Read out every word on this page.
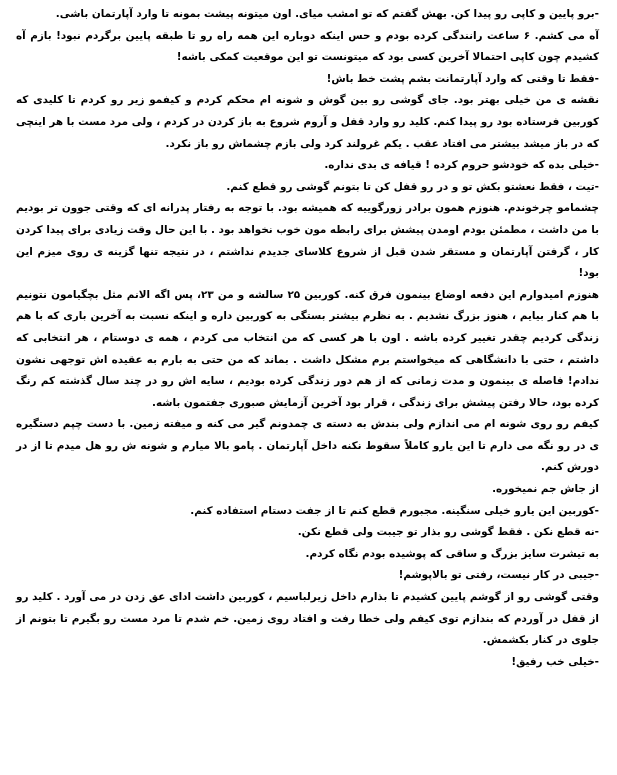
-برو پایین و کاپی رو پیدا کن. بهش گفتم که تو امشب میای. اون میتونه پیشت بمونه تا وارد آپارتمان باشی.

آه می کشم. ۶ ساعت رانندگی کرده بودم و حس اینکه دوباره این همه راه رو تا طبقه پایین برگردم نبود! بازم آه کشیدم چون کاپی احتمالا آخرین کسی بود که میتونست تو این موقعیت کمکی باشه!

-فقط تا وقتی که وارد آپارتمانت بشم پشت خط باش!

نقشه ی من خیلی بهتر بود. جای گوشی رو بین گوش و شونه ام محکم کردم و کیفمو زیر رو کردم تا کلیدی که کوربین فرستاده بود رو پیدا کنم. کلید رو وارد قفل و آروم شروع به باز کردن در کردم ، ولی مرد مست با هر اینچی که در باز میشد بیشتر می افتاد عقب . یکم غرولند کرد ولی بازم چشماش رو باز نکرد.

-خیلی بده که خودشو حروم کرده ! قیافه ی بدی نداره.

-تیت ، فقط نعشتو بکش تو و در رو قفل کن تا بتونم گوشی رو قطع کنم.

چشمامو چرخوندم. هنوزم همون برادر زورگوییه که همیشه بود. با توجه به رفتار پدرانه ای که وقتی جوون تر بودیم با من داشت ، مطمئن بودم اومدن پیشش برای رابطه مون خوب نخواهد بود . با این حال وقت زیادی برای پیدا کردن کار ، گرفتن آپارتمان و مستقر شدن قبل از شروع کلاسای جدیدم نداشتم ، در نتیجه تنها گزینه ی روی میزم این بود!

هنوزم امیدوارم این دفعه اوضاع بینمون فرق کنه. کوربین ۲۵ سالشه و من ۲۳، پس اگه الانم مثل بچگیامون نتونیم با هم کنار بیایم ، هنوز بزرگ نشدیم . به نظرم بیشتر بستگی به کوربین داره و اینکه نسبت به آخرین باری که با هم زندگی کردیم چقدر تغییر کرده باشه . اون با هر کسی که من انتخاب می کردم ، همه ی دوستام ، هر انتخابی که داشتم ، حتی با دانشگاهی که میخواستم برم مشکل داشت . بماند که من حتی به بارم به عقیده اش توجهی نشون ندادم! فاصله ی بینمون و مدت زمانی که از هم دور زندگی کرده بودیم ، سایه اش رو در چند سال گذشته کم رنگ کرده بود، حالا رفتن پیشش برای زندگی ، قرار بود آخرین آزمایش صبوری جفتمون باشه.

کیفم رو روی شونه ام می اندازم ولی بندش به دسته ی چمدونم گیر می کنه و میفته زمین. با دست چپم دستگیره ی در رو نگه می دارم تا این یارو کاملاً سقوط نکنه داخل آپارتمان . پامو بالا میارم و شونه ش رو هل میدم تا از در دورش کنم.

از جاش جم نمیخوره.

-کوربین این یارو خیلی سنگینه. مجبورم قطع کنم تا از جفت دستام استفاده کنم.

-نه قطع نکن . فقط گوشی رو بذار تو جیبت ولی قطع نکن.

به تیشرت سایز بزرگ و ساقی که پوشیده بودم نگاه کردم.

-جیبی در کار نیست، رفتی تو بالاپوشم!

وقتی گوشی رو از گوشم پایین کشیدم تا بذارم داخل زیرلباسیم ، کوربین داشت ادای عق زدن در می آورد . کلید رو از قفل در آوردم که بندازم توی کیفم ولی خطا رفت و افتاد روی زمین. خم شدم تا مرد مست رو بگیرم تا بتونم از جلوی در کنار بکشمش.

-خیلی خب رفیق!
